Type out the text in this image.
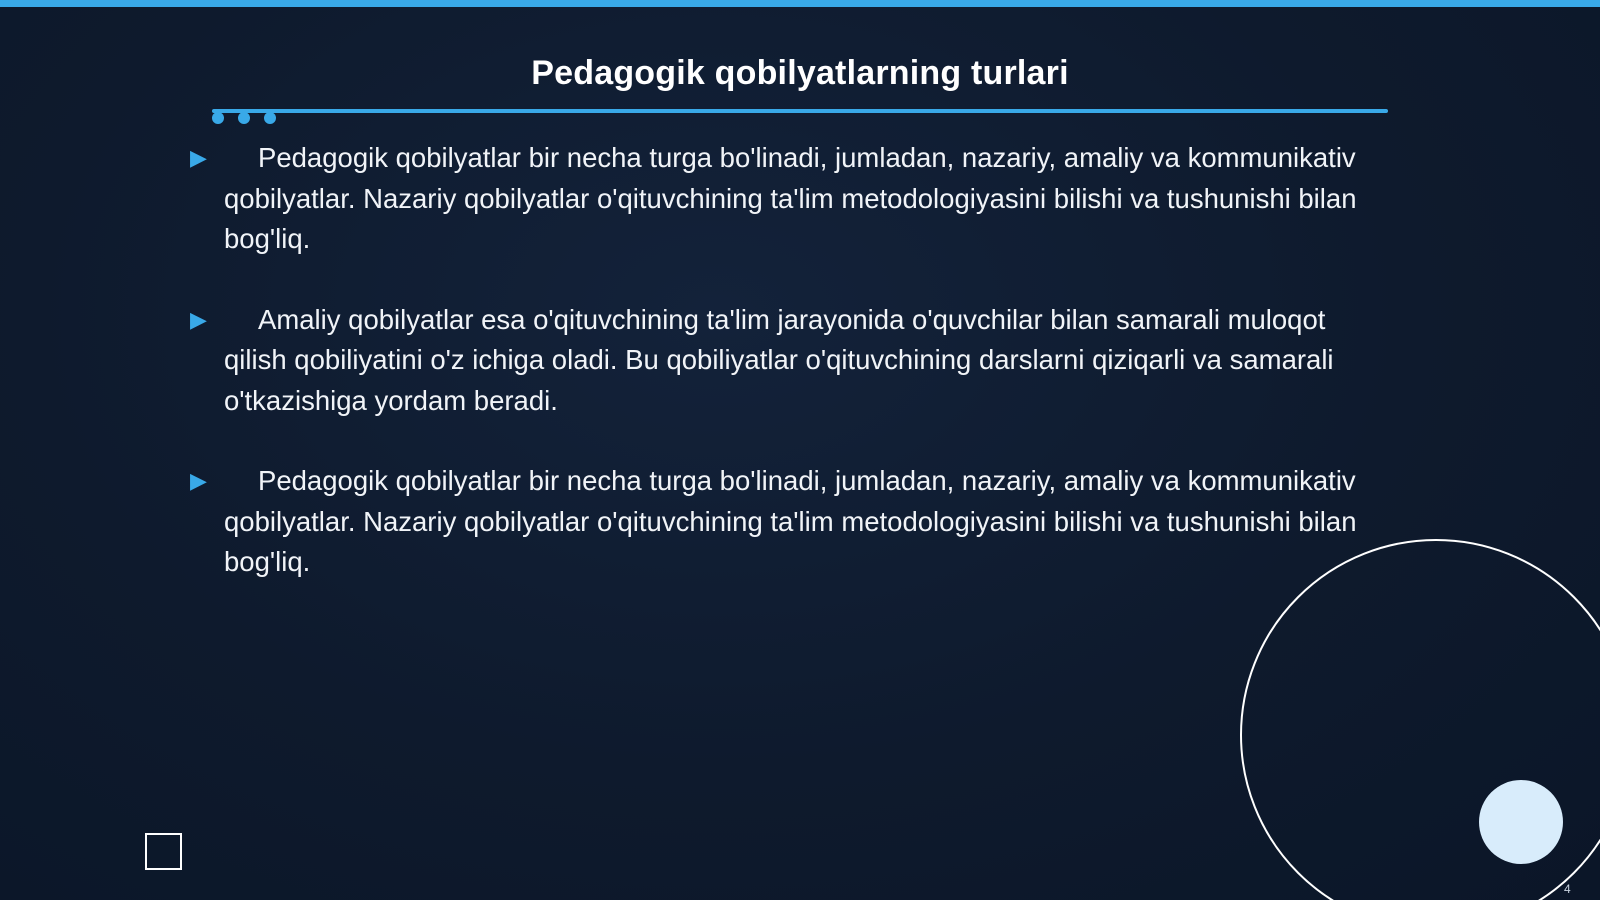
Pedagogik qobilyatlarning turlari
▶	Pedagogik qobilyatlar bir necha turga bo'linadi, jumladan, nazariy, amaliy va kommunikativ qobilyatlar. Nazariy qobilyatlar o'qituvchining ta'lim metodologiyasini bilishi va tushunishi bilan bog'liq.
▶	Amaliy qobilyatlar esa o'qituvchining ta'lim jarayonida o'quvchilar bilan samarali muloqot qilish qobiliyatini o'z ichiga oladi. Bu qobiliyatlar o'qituvchining darslarni qiziqarli va samarali o'tkazishiga yordam beradi.
▶	Pedagogik qobilyatlar bir necha turga bo'linadi, jumladan, nazariy, amaliy va kommunikativ qobilyatlar. Nazariy qobilyatlar o'qituvchining ta'lim metodologiyasini bilishi va tushunishi bilan bog'liq.
4
